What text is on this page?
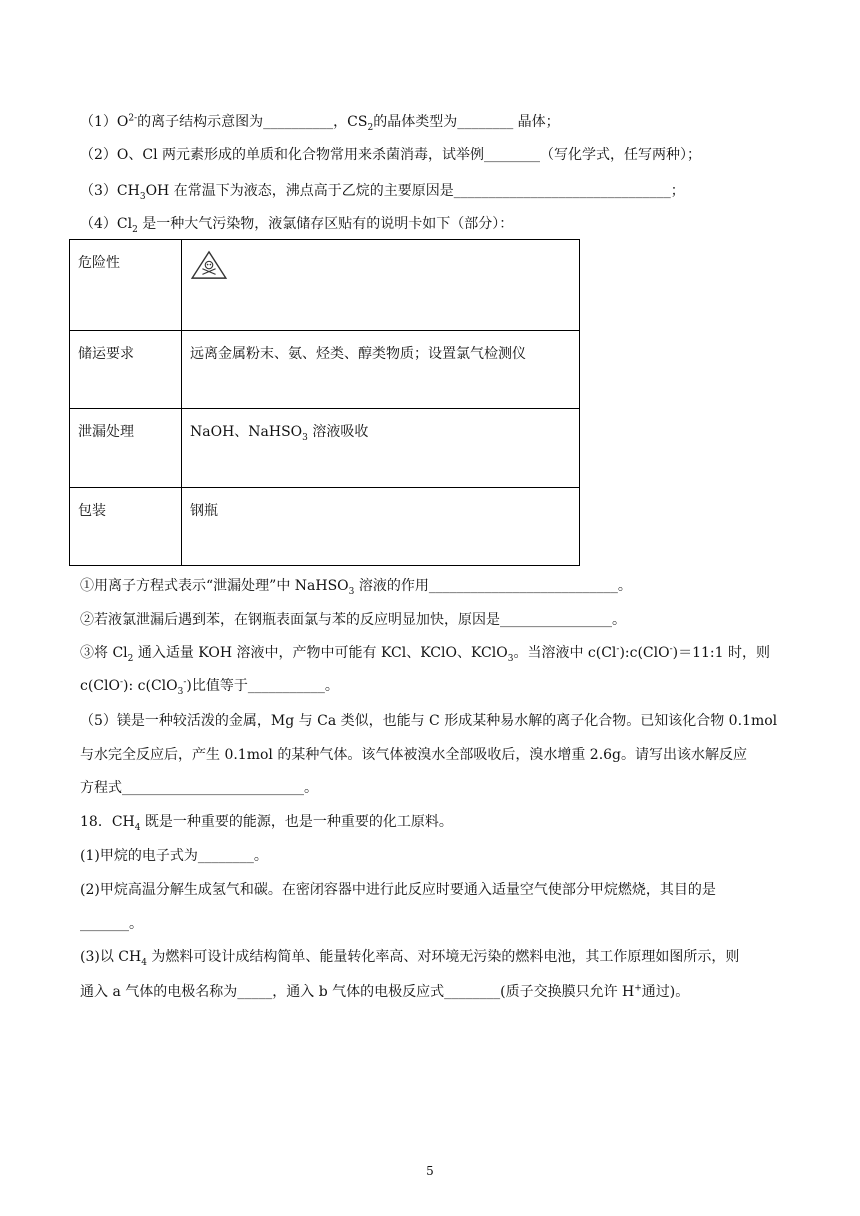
$(1)O^{2-}$的离子结构示意图为__________，$CS_2$的晶体类型为________ 晶体；
（2）O、Cl 两元素形成的单质和化合物常用来杀菌消毒，试举例________（写化学式，任写两种）；
$(3)CH_3OH$ 在常温下为液态，沸点高于乙烷的主要原因是_______________________________；
$(4)Cl_2$ 是一种大气污染物，液氯储存区贴有的说明卡如下（部分）：
危险性	
储运要求	远离金属粉末、氨、烃类、醇类物质；设置氯气检测仪
泄漏处理	NaOH、NaHSO$_3$ 溶液吸收
包装	钢瓶
①用离子方程式表示“泄漏处理”中 NaHSO$_3$ 溶液的作用___________________________。
②若液氯泄漏后遇到苯，在钢瓶表面氯与苯的反应明显加快，原因是________________。
③将 $Cl_2$ 通入适量 KOH 溶液中，产物中可能有 KCl、KClO、KClO$_3$。当溶液中 c(Cl-):c(ClO-)＝11:1 时，则
c(ClO-): c(ClO$_3$-)比值等于___________。
（5）镁是一种较活泼的金属，Mg 与 Ca 类似，也能与 C 形成某种易水解的离子化合物。已知该化合物 0.1mol
与水完全反应后，产生 0.1mol 的某种气体。该气体被溴水全部吸收后，溴水增重 2.6g。请写出该水解反应
方程式__________________________。
18．$CH_4$ 既是一种重要的能源，也是一种重要的化工原料。
(1)甲烷的电子式为________。
(2)甲烷高温分解生成氢气和碳。在密闭容器中进行此反应时要通入适量空气使部分甲烷燃烧，其目的是
_______。
(3)以 $CH_4$ 为燃料可设计成结构简单、能量转化率高、对环境无污染的燃料电池，其工作原理如图所示，则
通入 a 气体的电极名称为_____，通入 b 气体的电极反应式________(质子交换膜只允许 H+通过)。
5
